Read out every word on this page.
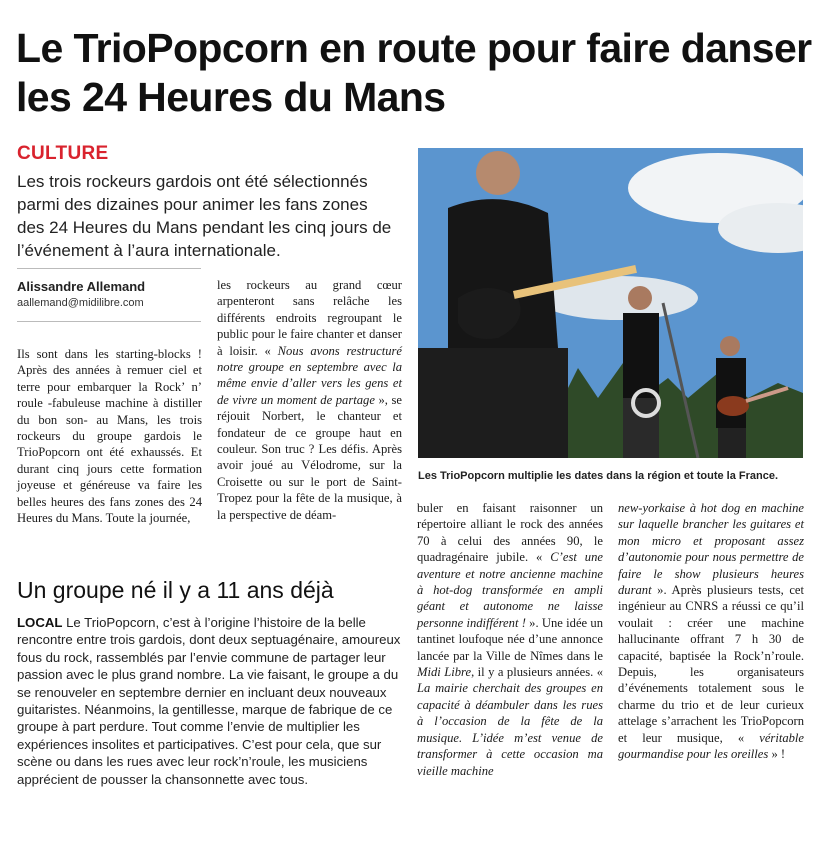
Le TrioPopcorn en route pour faire danser les 24 Heures du Mans
CULTURE
Les trois rockeurs gardois ont été sélectionnés parmi des dizaines pour animer les fans zones des 24 Heures du Mans pendant les cinq jours de l’événement à l’aura internationale.
Alissandre Allemand
aallemand@midilibre.com

Ils sont dans les starting-blocks ! Après des années à remuer ciel et terre pour embarquer la Rock’ n’ roule -fabuleuse machine à distiller du bon son- au Mans, les trois rockeurs du groupe gardois le TrioPopcorn ont été exhaussés. Et durant cinq jours cette formation joyeuse et généreuse va faire les belles heures des fans zones des 24 Heures du Mans. Toute la journée,

les rockeurs au grand cœur arpenteront sans relâche les différents endroits regroupant le public pour le faire chanter et danser à loisir. « Nous avons restructuré notre groupe en septembre avec la même envie d’aller vers les gens et de vivre un moment de partage », se réjouit Norbert, le chanteur et fondateur de ce groupe haut en couleur. Son truc ? Les défis. Après avoir joué au Vélodrome, sur la Croisette ou sur le port de Saint-Tropez pour la fête de la musique, à la perspective de déam-	buler en faisant raisonner un répertoire alliant le rock des années 70 à celui des années 90, le quadragénaire jubile. « C’est une aventure et notre ancienne machine à hot-dog transformée en ampli géant et autonome ne laisse personne indifférent ! ». Une idée un tantinet loufoque née d’une annonce lancée par la Ville de Nîmes dans le Midi Libre, il y a plusieurs années. « La mairie cherchait des groupes en capacité à déambuler dans les rues à l’occasion de la fête de la musique. L’idée m’est venue de transformer à cette occasion ma vieille machine

new-yorkaise à hot dog en machine sur laquelle brancher les guitares et mon micro et proposant assez d’autonomie pour nous permettre de faire le show plusieurs heures durant ». Après plusieurs tests, cet ingénieur au CNRS a réussi ce qu’il voulait : créer une machine hallucinante offrant 7 h 30 de capacité, baptisée la Rock’n’roule. Depuis, les organisateurs d’événements totalement sous le charme du trio et de leur curieux attelage s’arrachent les TrioPopcorn et leur musique, « véritable gourmandise pour les oreilles » !

Un groupe né il y a 11 ans déjà

LOCAL Le TrioPopcorn, c’est à l’origine l’histoire de la belle rencontre entre trois gardois, dont deux septuagénaire, amoureux fous du rock, rassemblés par l’envie commune de partager leur passion avec le plus grand nombre. La vie faisant, le groupe a du se renouveler en septembre dernier en incluant deux nouveaux guitaristes. Néanmoins, la gentillesse, marque de fabrique de ce groupe à part perdure. Tout comme l’envie de multiplier les expériences insolites et participatives. C’est pour cela, que sur scène ou dans les rues avec leur rock’n’roule, les musiciens apprécient de pousser la chansonnette avec tous.

Les TrioPopcorn multiplie les dates dans la région et toute la France.
